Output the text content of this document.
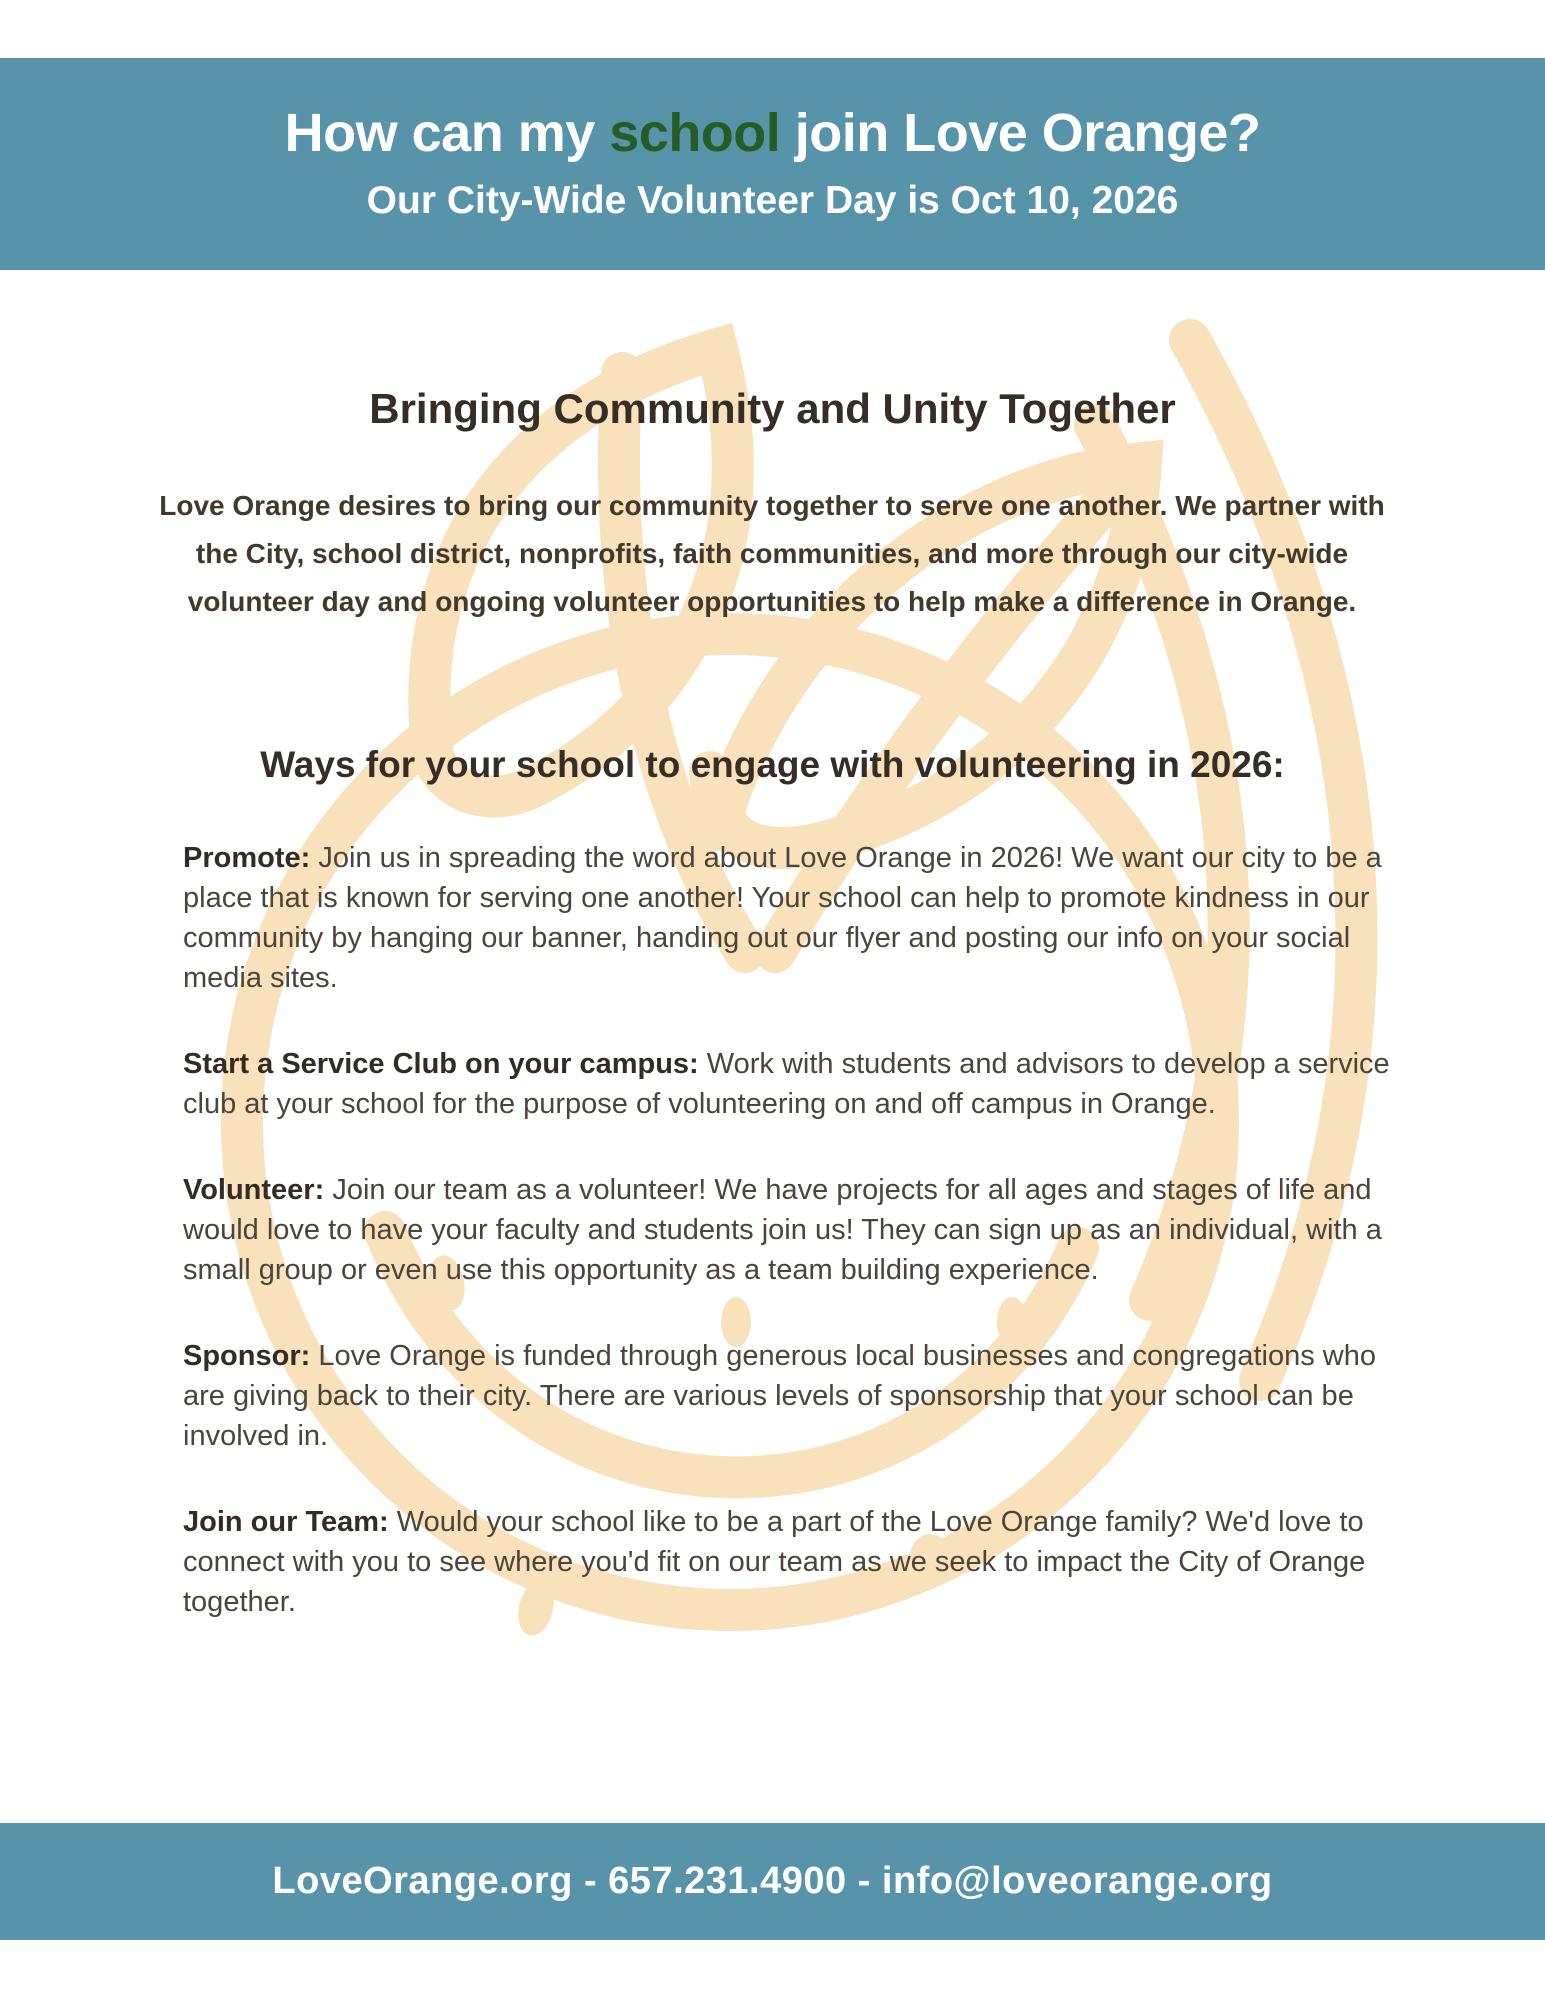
How can my school join Love Orange?
Our City-Wide Volunteer Day is Oct 10, 2026
Bringing Community and Unity Together

Love Orange desires to bring our community together to serve one another. We partner with the City, school district, nonprofits, faith communities, and more through our city-wide volunteer day and ongoing volunteer opportunities to help make a difference in Orange.

Ways for your school to engage with volunteering in 2026:

Promote: Join us in spreading the word about Love Orange in 2026! We want our city to be a place that is known for serving one another! Your school can help to promote kindness in our community by hanging our banner, handing out our flyer and posting our info on your social media sites.

Start a Service Club on your campus: Work with students and advisors to develop a service club at your school for the purpose of volunteering on and off campus in Orange.

Volunteer: Join our team as a volunteer! We have projects for all ages and stages of life and would love to have your faculty and students join us! They can sign up as an individual, with a small group or even use this opportunity as a team building experience.

Sponsor: Love Orange is funded through generous local businesses and congregations who are giving back to their city. There are various levels of sponsorship that your school can be involved in.

Join our Team: Would your school like to be a part of the Love Orange family? We'd love to connect with you to see where you'd fit on our team as we seek to impact the City of Orange together.

LoveOrange.org - 657.231.4900 - info@loveorange.org
